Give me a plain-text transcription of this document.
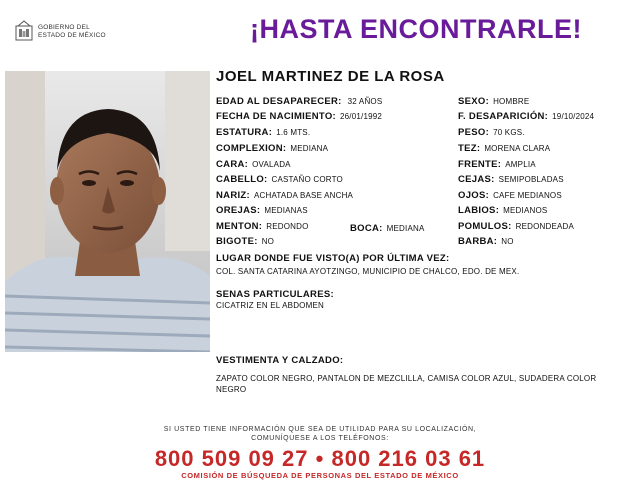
GOBIERNO DEL
ESTADO DE MÉXICO	¡HASTA ENCONTRARLE!
JOEL MARTINEZ DE LA ROSA
EDAD AL DESAPARECER: 32 AÑOS
FECHA DE NACIMIENTO: 26/01/1992
ESTATURA: 1.6 MTS.
COMPLEXION: MEDIANA
CARA: OVALADA
CABELLO: CASTAÑO CORTO
NARIZ: ACHATADA BASE ANCHA
OREJAS: MEDIANAS
MENTON: REDONDO	BOCA: MEDIANA
BIGOTE: NO
SEXO: HOMBRE
F. DESAPARICIÓN: 19/10/2024
PESO: 70 KGS.
TEZ: MORENA CLARA
FRENTE: AMPLIA
CEJAS: SEMIPOBLADAS
OJOS: CAFE MEDIANOS
LABIOS: MEDIANOS
POMULOS: REDONDEADA
BARBA: NO
LUGAR DONDE FUE VISTO(A) POR ÚLTIMA VEZ:
COL. SANTA CATARINA AYOTZINGO, MUNICIPIO DE CHALCO, EDO. DE MEX.
SENAS PARTICULARES:
CICATRIZ EN EL ABDOMEN
VESTIMENTA Y CALZADO:
ZAPATO COLOR NEGRO, PANTALON DE MEZCLILLA, CAMISA COLOR AZUL, SUDADERA COLOR NEGRO
SI USTED TIENE INFORMACIÓN QUE SEA DE UTILIDAD PARA SU LOCALIZACIÓN,
COMUNÍQUESE A LOS TELÉFONOS:
800 509 09 27 • 800 216 03 61
COMISIÓN DE BÚSQUEDA DE PERSONAS DEL ESTADO DE MÉXICO
